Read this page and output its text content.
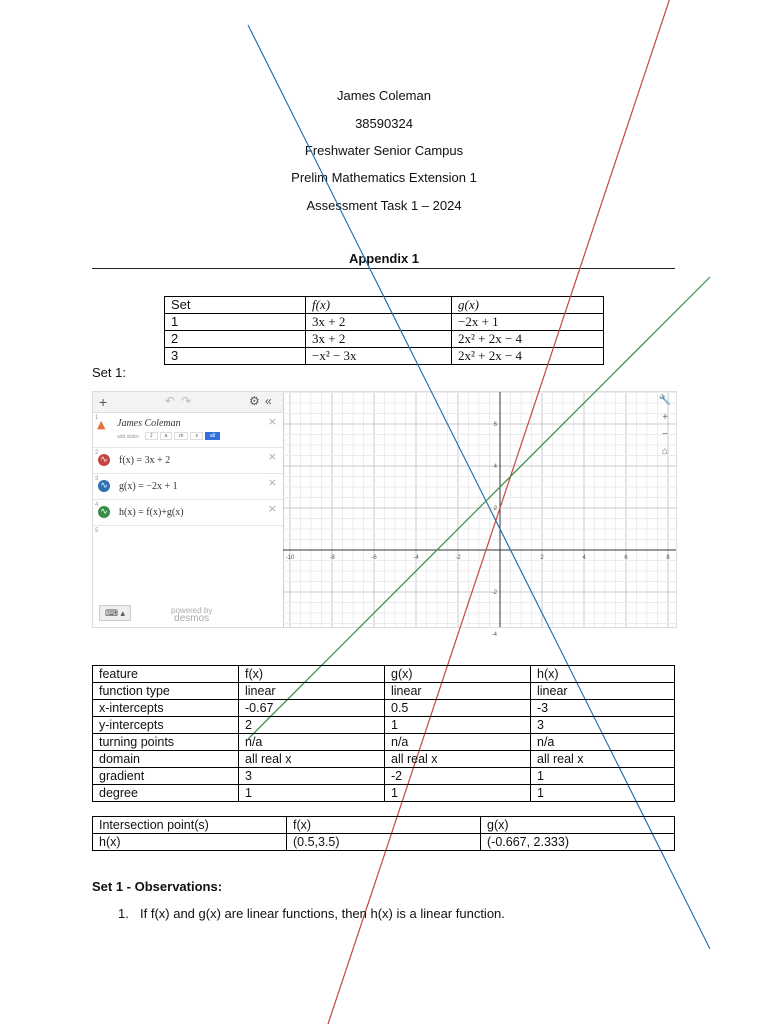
James Coleman
38590324
Freshwater Senior Campus
Prelim Mathematics Extension 1
Assessment Task 1 – 2024
Appendix 1
Set	f(x)	g(x)
1	3x + 2	−2x + 1
2	3x + 2	2x² + 2x − 4
3	−x² − 3x	2x² + 2x − 4
Set 1:
+	↶ ↷	⚙ «
1
▲ James Coleman	×
add slider:	J	a	m	s	all
2
∿ f(x) = 3x + 2	×
3
∿ g(x) = −2x + 1	×
4
∿ h(x) = f(x)+g(x)	×
5
⌨ ▴	powered by
desmos
-10	-8	-6	-4	-2	2	4	6	8
6
4
2
-2
-4
🔧
+
−
⌂
feature	f(x)	g(x)	h(x)
function type	linear	linear	linear
x-intercepts	-0.67	0.5	-3
y-intercepts	2	1	3
turning points	n/a	n/a	n/a
domain	all real x	all real x	all real x
gradient	3	-2	1
degree	1	1	1
Intersection point(s)	f(x)	g(x)
h(x)	(0.5,3.5)	(-0.667, 2.333)
Set 1 - Observations:
1. If f(x) and g(x) are linear functions, then h(x) is a linear function.
